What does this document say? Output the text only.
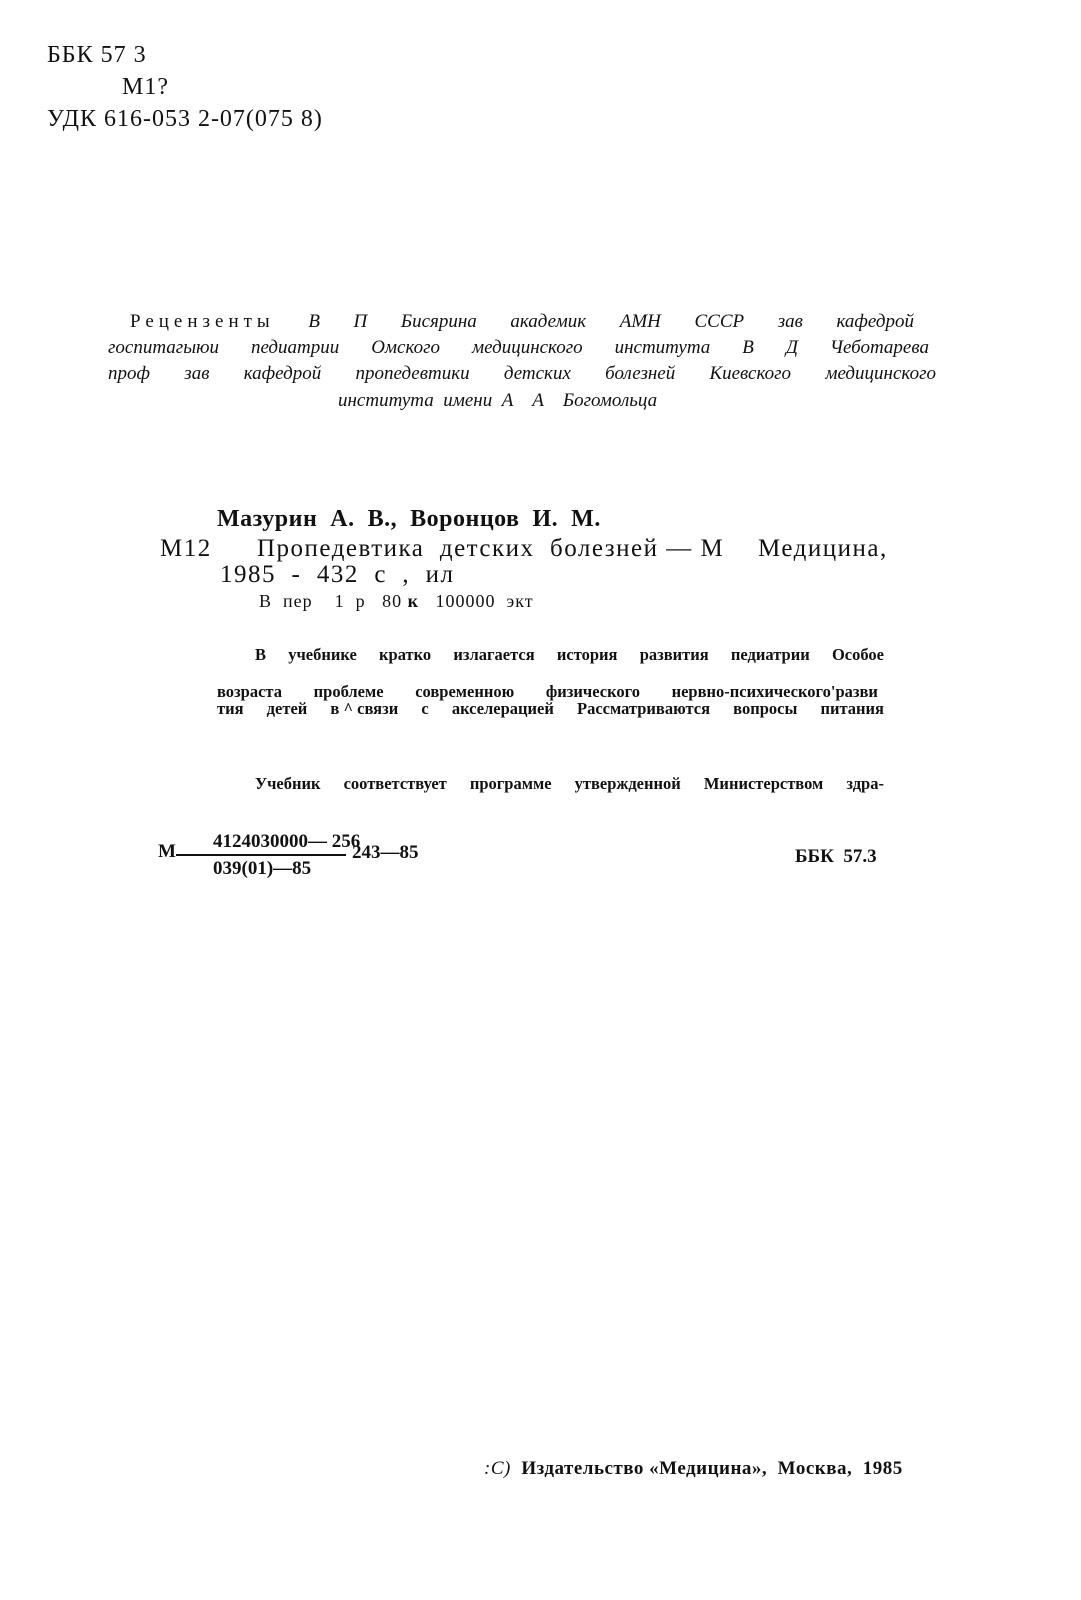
ББК 57 3
М1?
УДК 616-053 2-07(075 8)
Рецензенты В П Бисярина академик АМН СССР зав кафедрой
госпитагыюи педиатрии Омского медицинского института В Д Чеботарева
проф зав кафедрой пропедевтики детских болезней Киевского медицинского
института  имени  А    А    Богомольца
Мазурин  А.  В.,  Воронцов  И.  М.
М12 Пропедевтика  детских  болезней — М Медицина,
1985  -  432  с  ,  ил
В  пер    1  р   80 к   100000  экт
В учебнике кратко излагается история развития педиатрии Особое
возраста проблеме современною физического нервно-психического'разви
тия детей в ^ связи с акселерацией Рассматриваются вопросы питания
Учебник соответствует программе утвержденной Министерством здра-
М 4124030000— 256
243—85
039(01)—85
ББК  57.3
:С) Издательство «Медицина»,  Москва,  1985
